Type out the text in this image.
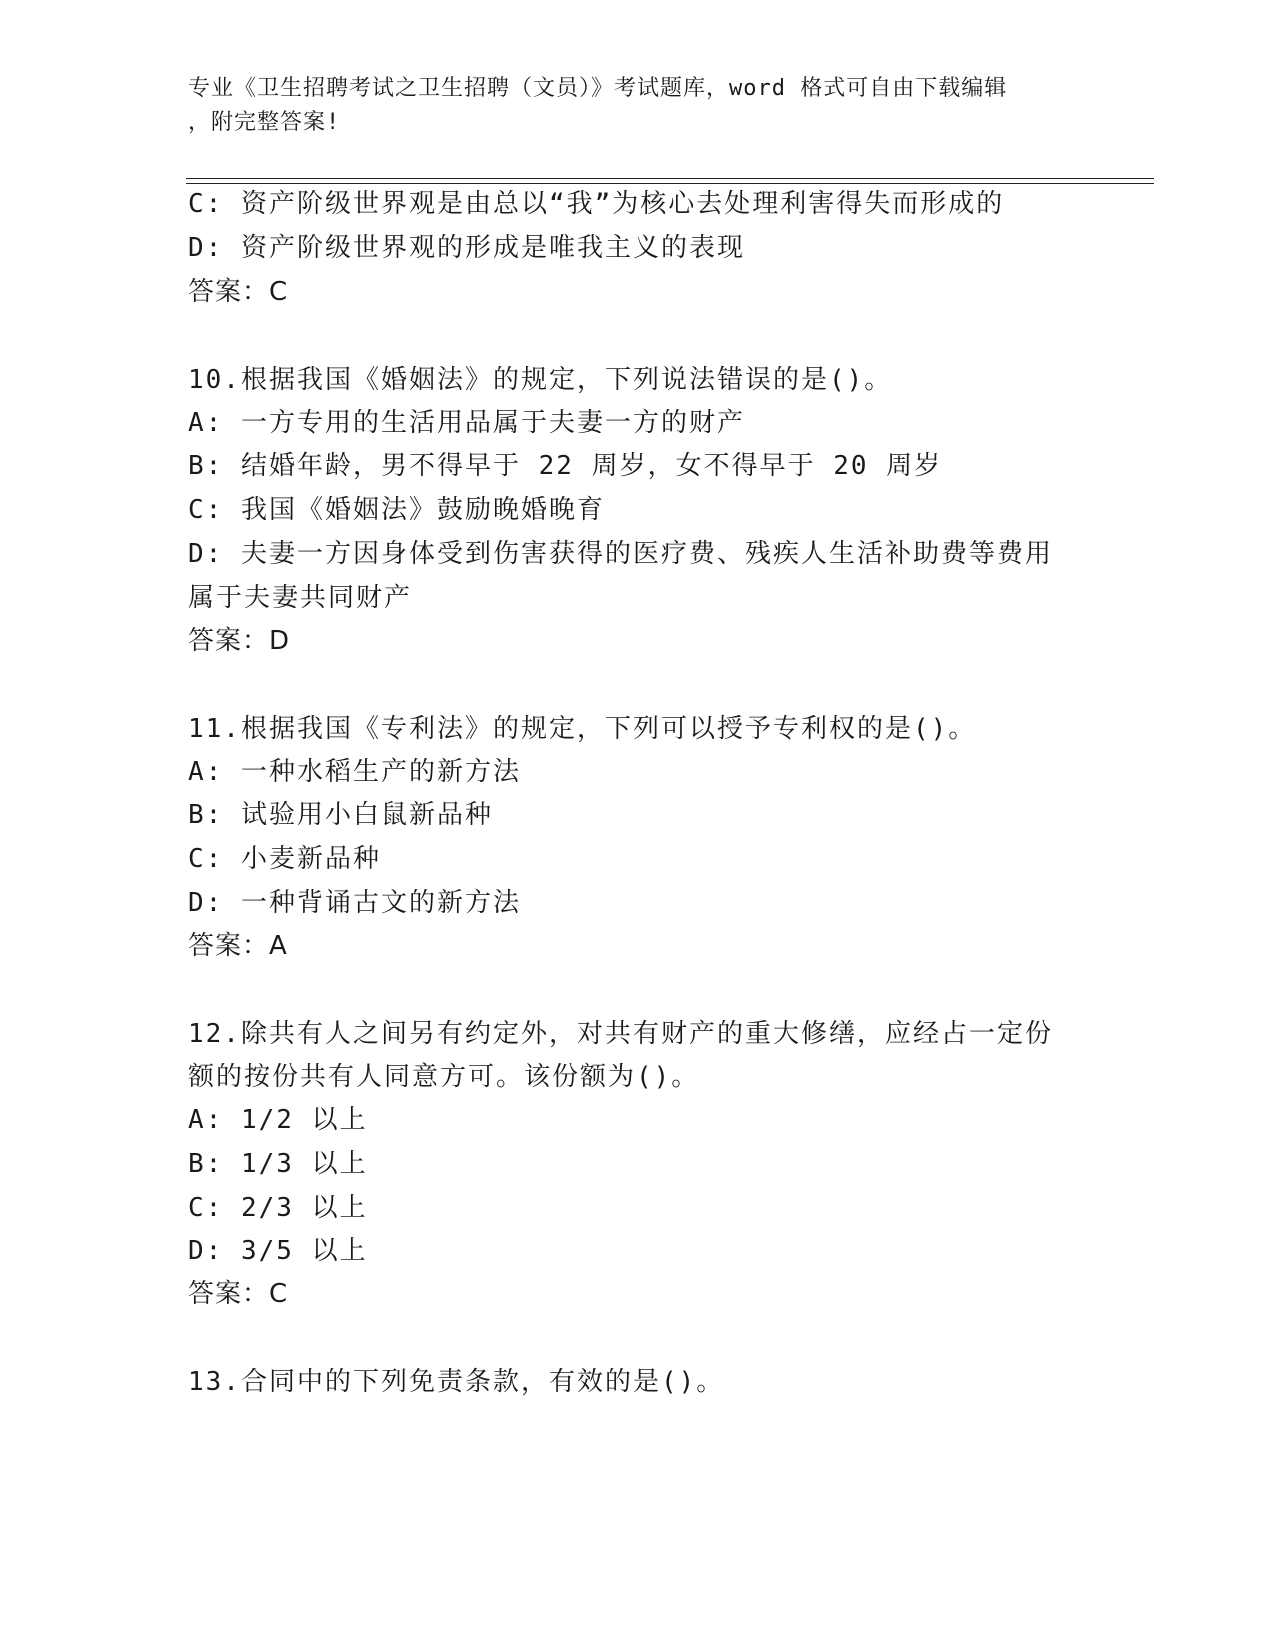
专业《卫生招聘考试之卫生招聘（文员）》考试题库，word 格式可自由下载编辑
，附完整答案!
C: 资产阶级世界观是由总以“我”为核心去处理利害得失而形成的
D: 资产阶级世界观的形成是唯我主义的表现
答案：C
10.根据我国《婚姻法》的规定，下列说法错误的是()。
A: 一方专用的生活用品属于夫妻一方的财产
B: 结婚年龄，男不得早于 22 周岁，女不得早于 20 周岁
C: 我国《婚姻法》鼓励晚婚晚育
D: 夫妻一方因身体受到伤害获得的医疗费、残疾人生活补助费等费用
属于夫妻共同财产
答案：D
11.根据我国《专利法》的规定，下列可以授予专利权的是()。
A: 一种水稻生产的新方法
B: 试验用小白鼠新品种
C: 小麦新品种
D: 一种背诵古文的新方法
答案：A
12.除共有人之间另有约定外，对共有财产的重大修缮，应经占一定份
额的按份共有人同意方可。该份额为()。
A: 1/2 以上
B: 1/3 以上
C: 2/3 以上
D: 3/5 以上
答案：C
13.合同中的下列免责条款，有效的是()。
